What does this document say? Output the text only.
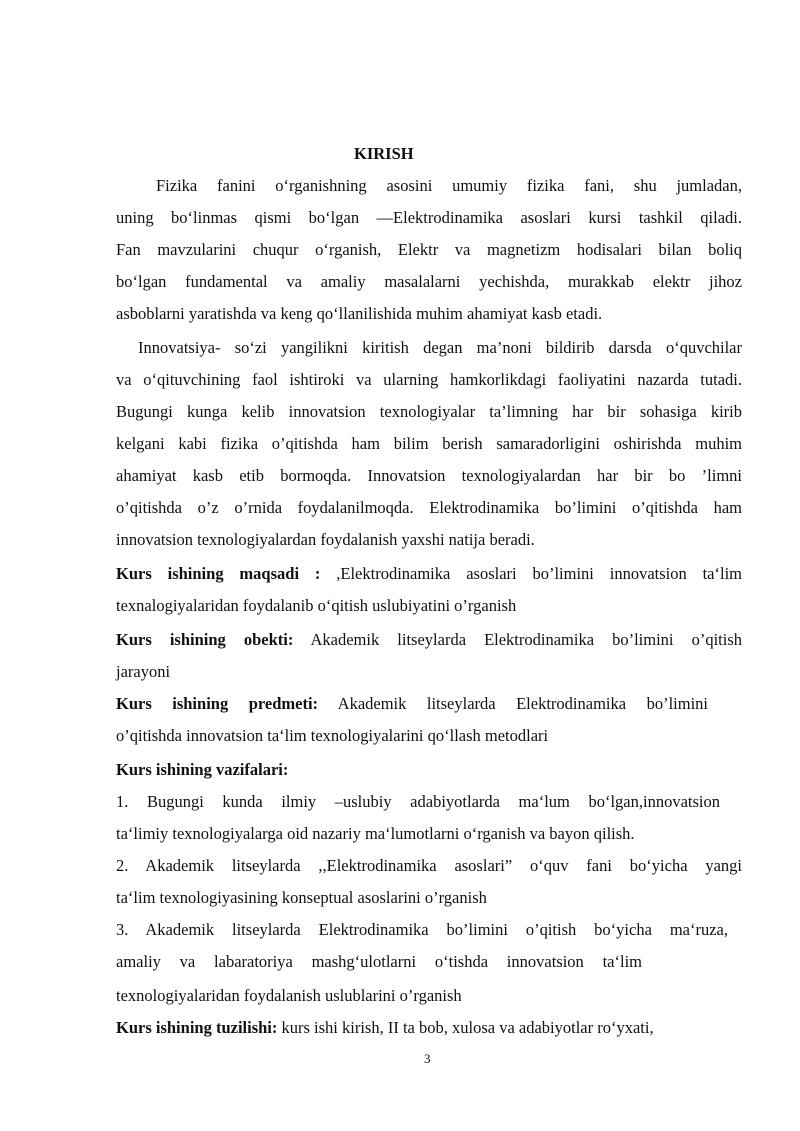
KIRISH
Fizika fanini o‘rganishning asosini umumiy fizika fani, shu jumladan,
uning bo‘linmas qismi bo‘lgan —Elektrodinamika asoslari kursi tashkil qiladi.
Fan mavzularini chuqur o‘rganish, Elektr va magnetizm hodisalari bilan boliq
bo‘lgan fundamental va amaliy masalalarni yechishda, murakkab elektr jihoz
asboblarni yaratishda va keng qo‘llanilishida muhim ahamiyat kasb etadi.
Innovatsiya- so‘zi yangilikni kiritish degan ma’noni bildirib darsda o‘quvchilar
va o‘qituvchining faol ishtiroki va ularning hamkorlikdagi faoliyatini nazarda tutadi.
Bugungi kunga kelib innovatsion texnologiyalar ta’limning har bir sohasiga kirib
kelgani kabi fizika o’qitishda ham bilim berish samaradorligini oshirishda muhim
ahamiyat kasb etib bormoqda. Innovatsion texnologiyalardan har bir bo ’limni
o’qitishda o’z o’rnida foydalanilmoqda. Elektrodinamika bo’limini o’qitishda ham
innovatsion texnologiyalardan foydalanish yaxshi natija beradi.
Kurs ishining maqsadi : ,Elektrodinamika asoslari bo’limini innovatsion ta‘lim
texnalogiyalaridan foydalanib o‘qitish uslubiyatini o’rganish
Kurs ishining obekti: Akademik litseylarda Elektrodinamika bo’limini o’qitish
jarayoni
Kurs ishining predmeti: Akademik litseylarda Elektrodinamika bo’limini
o’qitishda innovatsion ta‘lim texnologiyalarini qo‘llash metodlari
Kurs ishining vazifalari:
1. Bugungi kunda ilmiy –uslubiy adabiyotlarda ma‘lum bo‘lgan,innovatsion
ta‘limiy texnologiyalarga oid nazariy ma‘lumotlarni o‘rganish va bayon qilish.
2. Akademik litseylarda ,,Elektrodinamika asoslari” o‘quv fani bo‘yicha yangi
ta‘lim texnologiyasining konseptual asoslarini o’rganish
3. Akademik litseylarda Elektrodinamika bo’limini o’qitish bo‘yicha ma‘ruza,
amaliy va labaratoriya mashg‘ulotlarni o‘tishda innovatsion ta‘lim
texnologiyalaridan foydalanish uslublarini o’rganish
Kurs ishining tuzilishi: kurs ishi kirish, II ta bob, xulosa va adabiyotlar ro‘yxati,
3
